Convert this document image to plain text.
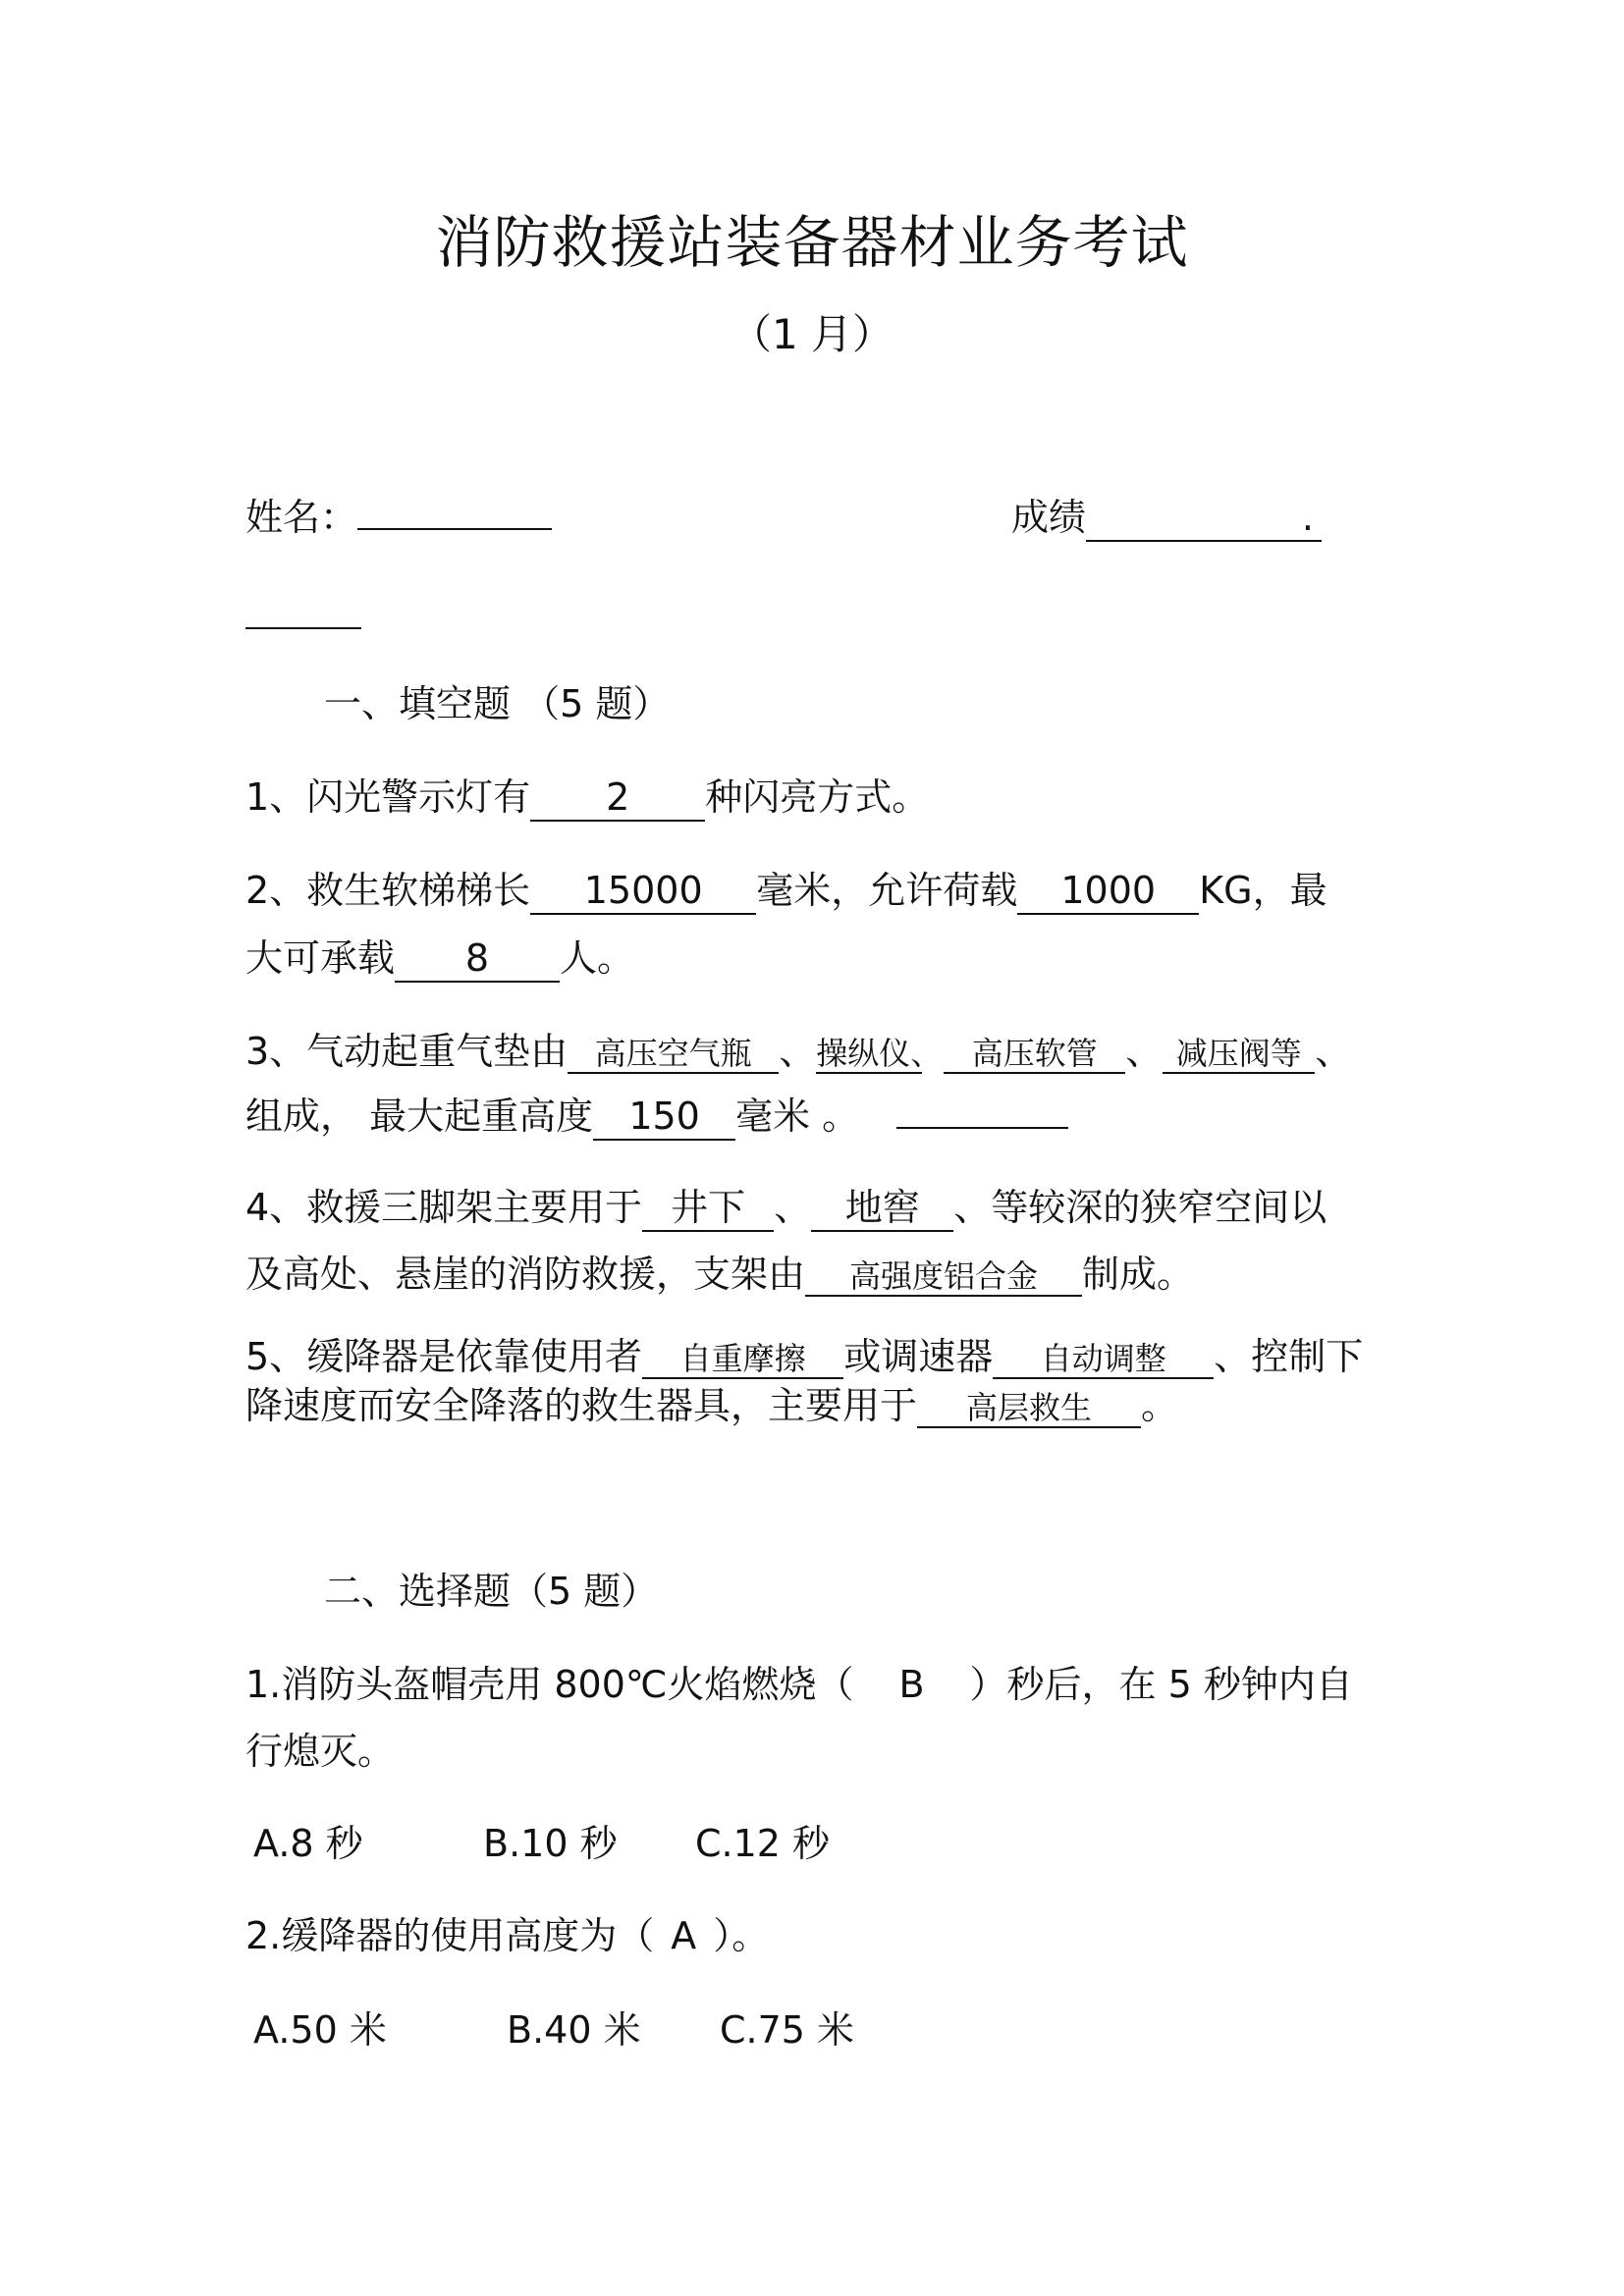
消防救援站装备器材业务考试
（1 月）
姓名：	成绩	.
一、填空题 （5 题）
1、闪光警示灯有 2 种闪亮方式。
2、救生软梯梯长 15000 毫米，允许荷载 1000 KG，最
大可承载 8 人。
3、气动起重气垫由 高压空气瓶 、操纵仪、 高压软管 、 减压阀等 、
组成， 最大起重高度 150 毫米 。
4、救援三脚架主要用于 井下 、 地窖 、等较深的狭窄空间以
及高处、悬崖的消防救援，支架由 高强度铝合金 制成。
5、缓降器是依靠使用者 自重摩擦 或调速器 自动调整 、控制下
降速度而安全降落的救生器具，主要用于 高层救生 。
二、选择题（5 题）
1.消防头盔帽壳用 800℃火焰燃烧（ B ）秒后，在 5 秒钟内自
行熄灭。
A.8 秒	B.10 秒 C.12 秒
2.缓降器的使用高度为（ A ）。
A.50 米	B.40 米 C.75 米
